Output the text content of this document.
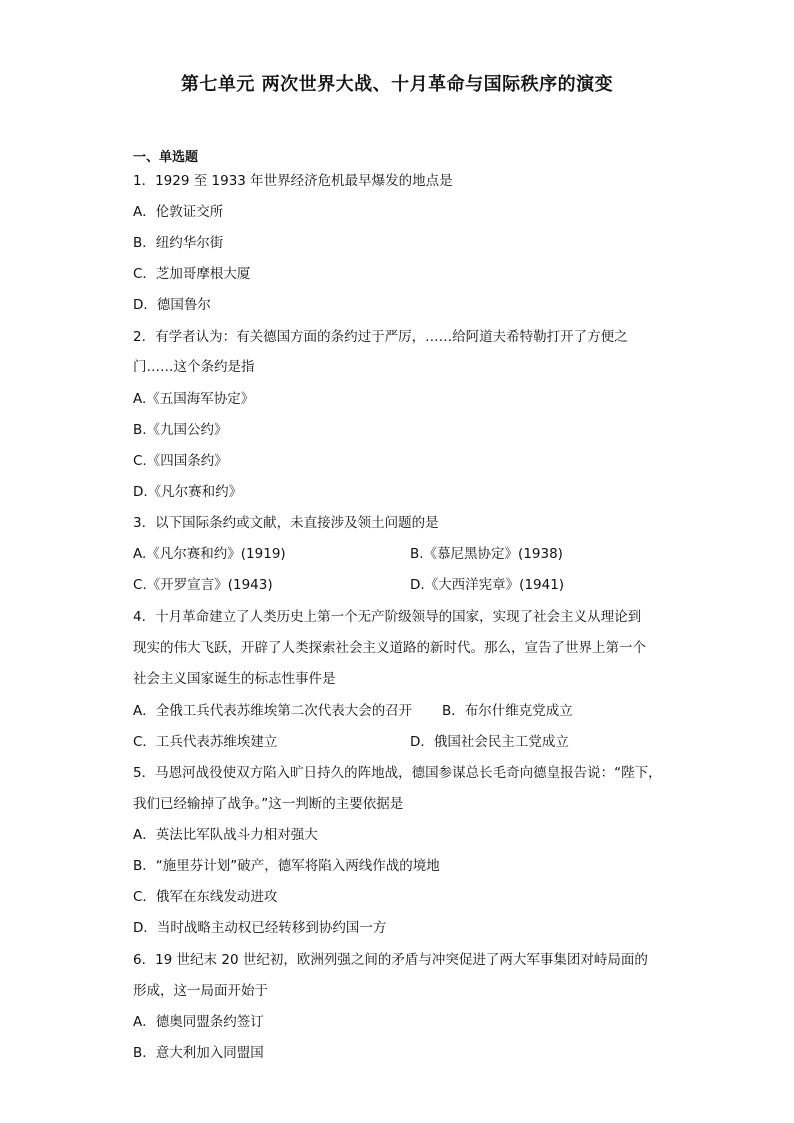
第七单元 两次世界大战、十月革命与国际秩序的演变
一、单选题
1．1929 至 1933 年世界经济危机最早爆发的地点是
A．伦敦证交所
B．纽约华尔街
C．芝加哥摩根大厦
D．德国鲁尔
2．有学者认为：有关德国方面的条约过于严厉，……给阿道夫希特勒打开了方便之
门……这个条约是指
A.《五国海军协定》
B.《九国公约》
C.《四国条约》
D.《凡尔赛和约》
3．以下国际条约或文献，未直接涉及领土问题的是
A.《凡尔赛和约》(1919)	B.《慕尼黑协定》(1938)
C.《开罗宣言》(1943)	D.《大西洋宪章》(1941)
4．十月革命建立了人类历史上第一个无产阶级领导的国家，实现了社会主义从理论到
现实的伟大飞跃，开辟了人类探索社会主义道路的新时代。那么，宣告了世界上第一个
社会主义国家诞生的标志性事件是
A．全俄工兵代表苏维埃第二次代表大会的召开 B．布尔什维克党成立
C．工兵代表苏维埃建立	D．俄国社会民主工党成立
5．马恩河战役使双方陷入旷日持久的阵地战，德国参谋总长毛奇向德皇报告说：“陛下，
我们已经输掉了战争。”这一判断的主要依据是
A．英法比军队战斗力相对强大
B．“施里芬计划”破产，德军将陷入两线作战的境地
C．俄军在东线发动进攻
D．当时战略主动权已经转移到协约国一方
6．19 世纪末 20 世纪初，欧洲列强之间的矛盾与冲突促进了两大军事集团对峙局面的
形成，这一局面开始于
A．德奥同盟条约签订
B．意大利加入同盟国
